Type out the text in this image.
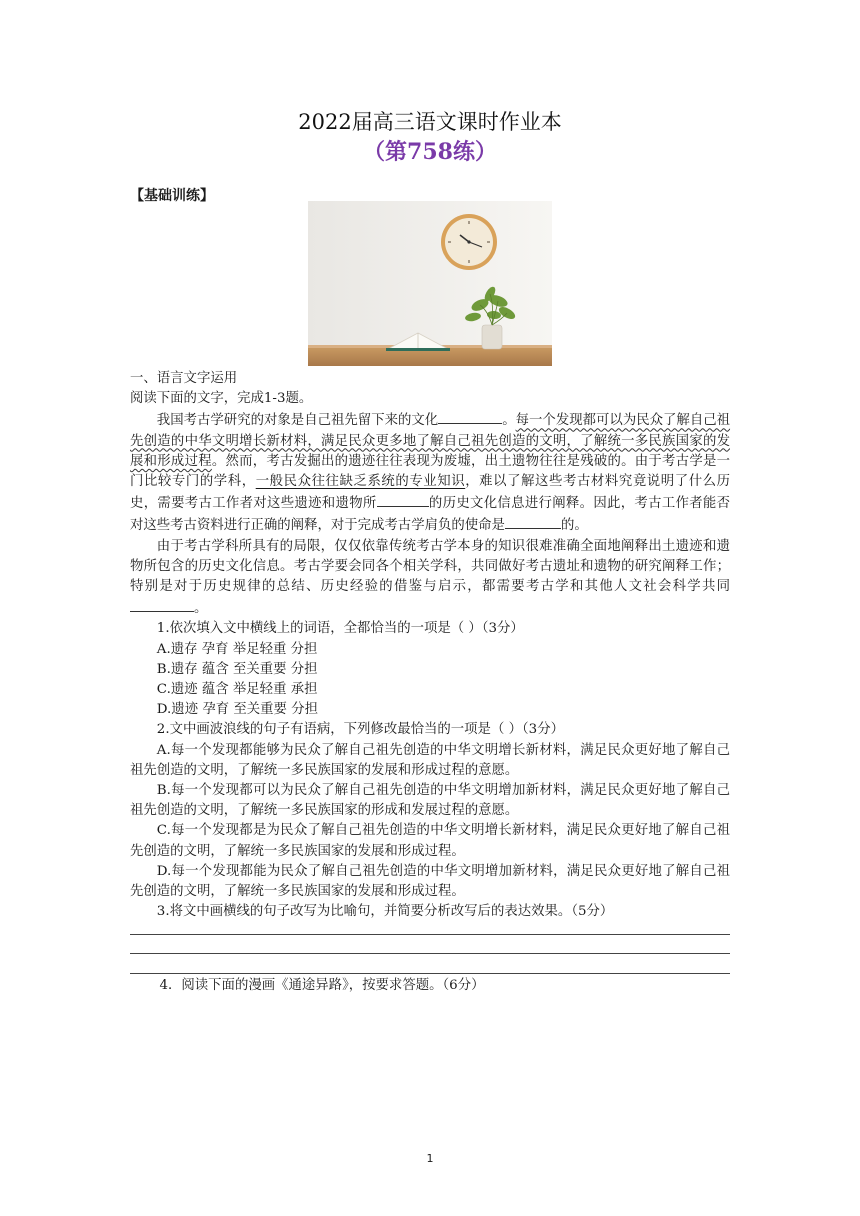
2022届高三语文课时作业本
（第758练）
【基础训练】

一、语言文字运用

阅读下面的文字，完成1-3题。

我国考古学研究的对象是自己祖先留下来的文化	。每一个发现都可以为民众了解自己祖先创造的中华文明增长新材料，满足民众更多地了解自己祖先创造的文明，了解统一多民族国家的发展和形成过程。然而，考古发掘出的遗迹往往表现为废墟，出土遗物往往是残破的。由于考古学是一门比较专门的学科，一般民众往往缺乏系统的专业知识，难以了解这些考古材料究竟说明了什么历史，需要考古工作者对这些遗迹和遗物所	的历史文化信息进行阐释。因此，考古工作者能否对这些考古资料进行正确的阐释，对于完成考古学肩负的使命是	的。

由于考古学科所具有的局限，仅仅依靠传统考古学本身的知识很难准确全面地阐释出土遗迹和遗物所包含的历史文化信息。考古学要会同各个相关学科，共同做好考古遗址和遗物的研究阐释工作；特别是对于历史规律的总结、历史经验的借鉴与启示，都需要考古学和其他人文社会科学共同。

1.依次填入文中横线上的词语，全都恰当的一项是（ ）（3分）

A.遗存 孕育 举足轻重 分担

B.遗存 蕴含 至关重要 分担

C.遗迹 蕴含 举足轻重 承担

D.遗迹 孕育 至关重要 分担

2.文中画波浪线的句子有语病，下列修改最恰当的一项是（ ）（3分）

A.每一个发现都能够为民众了解自己祖先创造的中华文明增长新材料，满足民众更好地了解自己祖先创造的文明，了解统一多民族国家的发展和形成过程的意愿。

B.每一个发现都可以为民众了解自己祖先创造的中华文明增加新材料，满足民众更好地了解自己祖先创造的文明，了解统一多民族国家的形成和发展过程的意愿。

C.每一个发现都是为民众了解自己祖先创造的中华文明增长新材料，满足民众更好地了解自己祖先创造的文明，了解统一多民族国家的发展和形成过程。

D.每一个发现都能为民众了解自己祖先创造的中华文明增加新材料，满足民众更好地了解自己祖先创造的文明，了解统一多民族国家的发展和形成过程。

3.将文中画横线的句子改写为比喻句，并简要分析改写后的表达效果。（5分）

4．阅读下面的漫画《通途异路》，按要求答题。（6分）
1
